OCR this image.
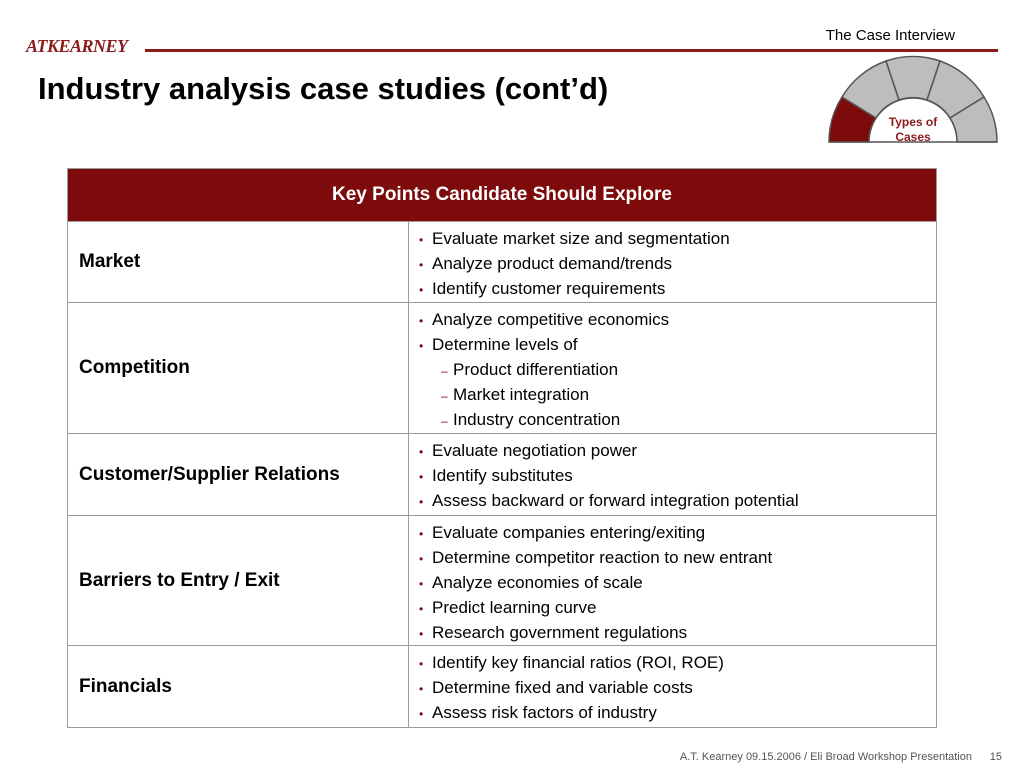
ATKEARNEY
The Case Interview
Industry analysis case studies (cont’d)
Types of
Cases
Key Points Candidate Should Explore
Market
• Evaluate market size and segmentation
• Analyze product demand/trends
• Identify customer requirements
Competition
• Analyze competitive economics
• Determine levels of
– Product differentiation
– Market integration
– Industry concentration
Customer/Supplier Relations
• Evaluate negotiation power
• Identify substitutes
• Assess backward or forward integration potential
Barriers to Entry / Exit
• Evaluate companies entering/exiting
• Determine competitor reaction to new entrant
• Analyze economies of scale
• Predict learning curve
• Research government regulations
Financials
• Identify key financial ratios (ROI, ROE)
• Determine fixed and variable costs
• Assess risk factors of industry
A.T. Kearney 09.15.2006 / Eli Broad Workshop Presentation 15
